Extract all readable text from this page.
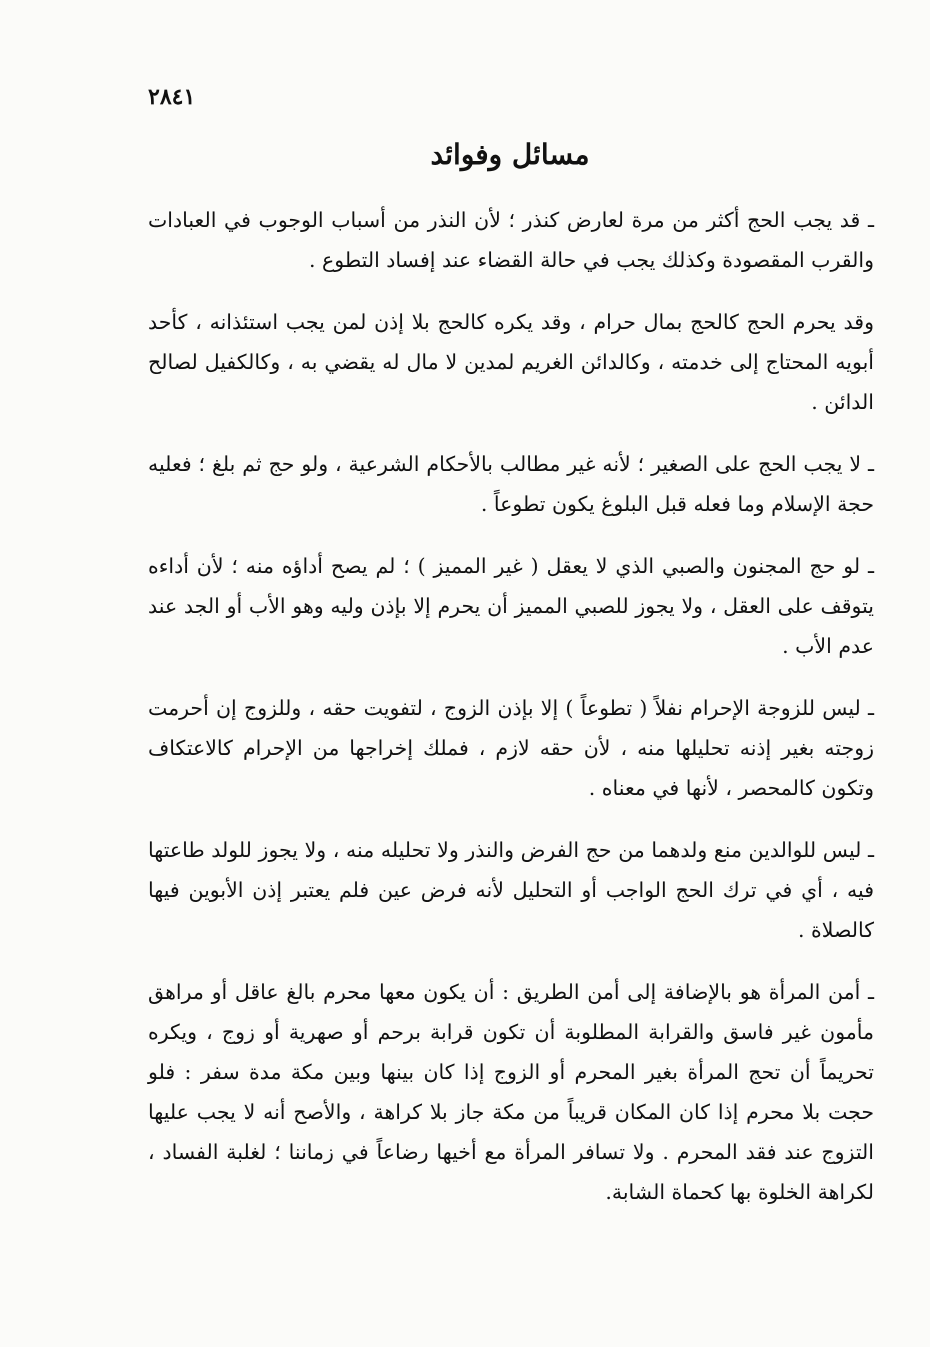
٢٨٤١
مسائل وفوائد

ـ قد يجب الحج أكثر من مرة لعارض كنذر ؛ لأن النذر من أسباب الوجوب في العبادات والقرب المقصودة وكذلك يجب في حالة القضاء عند إفساد التطوع .

وقد يحرم الحج كالحج بمال حرام ، وقد يكره كالحج بلا إذن لمن يجب استئذانه ، كأحد أبويه المحتاج إلى خدمته ، وكالدائن الغريم لمدين لا مال له يقضي به ، وكالكفيل لصالح الدائن .

ـ لا يجب الحج على الصغير ؛ لأنه غير مطالب بالأحكام الشرعية ، ولو حج ثم بلغ ؛ فعليه حجة الإسلام وما فعله قبل البلوغ يكون تطوعاً .

ـ لو حج المجنون والصبي الذي لا يعقل ( غير المميز ) ؛ لم يصح أداؤه منه ؛ لأن أداءه يتوقف على العقل ، ولا يجوز للصبي المميز أن يحرم إلا بإذن وليه وهو الأب أو الجد عند عدم الأب .

ـ ليس للزوجة الإحرام نفلاً ( تطوعاً ) إلا بإذن الزوج ، لتفويت حقه ، وللزوج إن أحرمت زوجته بغير إذنه تحليلها منه ، لأن حقه لازم ، فملك إخراجها من الإحرام كالاعتكاف وتكون كالمحصر ، لأنها في معناه .

ـ ليس للوالدين منع ولدهما من حج الفرض والنذر ولا تحليله منه ، ولا يجوز للولد طاعتها فيه ، أي في ترك الحج الواجب أو التحليل لأنه فرض عين فلم يعتبر إذن الأبوين فيها كالصلاة .

ـ أمن المرأة هو بالإضافة إلى أمن الطريق : أن يكون معها محرم بالغ عاقل أو مراهق مأمون غير فاسق والقرابة المطلوبة أن تكون قرابة برحم أو صهرية أو زوج ، ويكره تحريماً أن تحج المرأة بغير المحرم أو الزوج إذا كان بينها وبين مكة مدة سفر : فلو حجت بلا محرم إذا كان المكان قريباً من مكة جاز بلا كراهة ، والأصح أنه لا يجب عليها التزوج عند فقد المحرم . ولا تسافر المرأة مع أخيها رضاعاً في زماننا ؛ لغلبة الفساد ، لكراهة الخلوة بها كحماة الشابة.
